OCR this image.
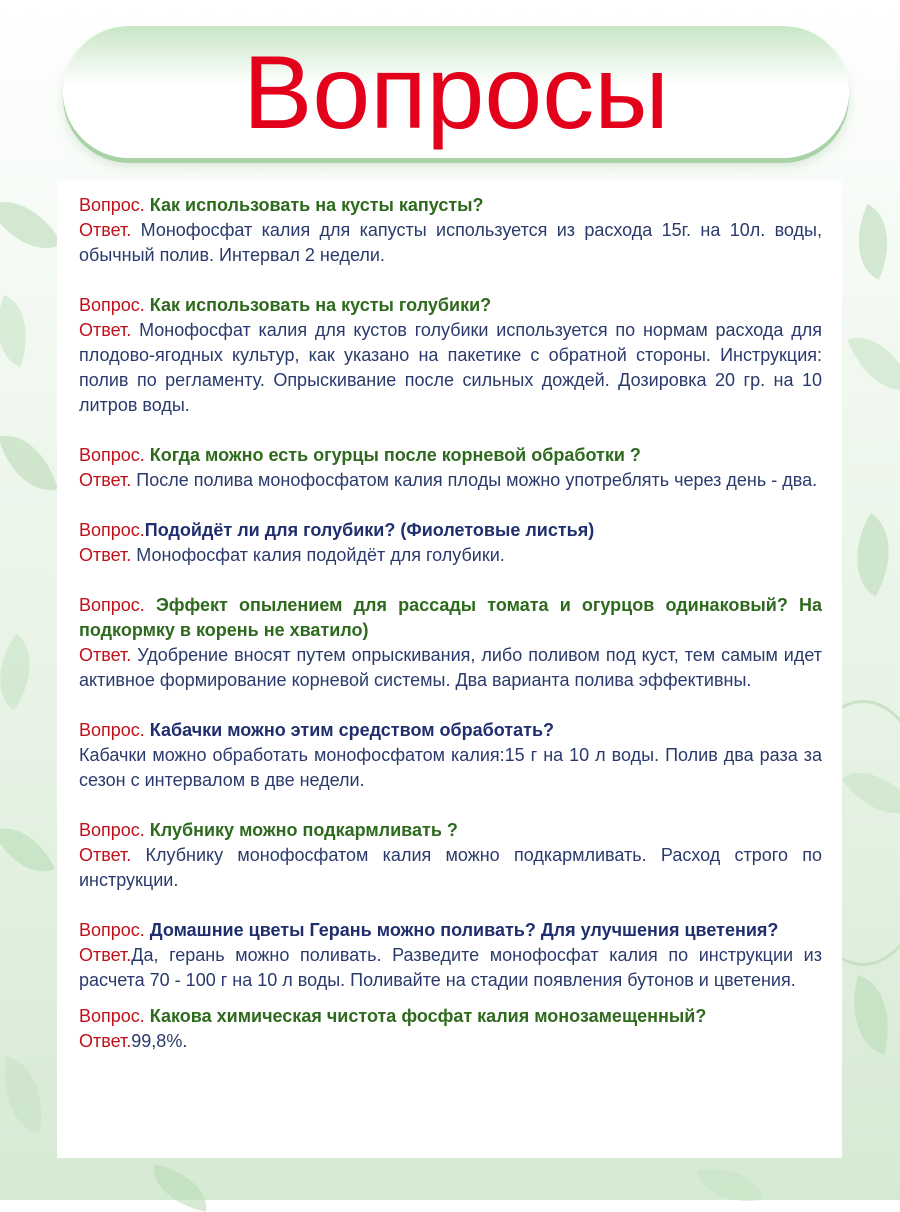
Вопросы
Вопрос. Как использовать на кусты капусты?
Ответ. Монофосфат калия для капусты используется из расхода 15г. на 10л. воды, обычный полив. Интервал 2 недели.
Вопрос. Как использовать на кусты голубики?
Ответ. Монофосфат калия для кустов голубики используется по нормам расхода для плодово-ягодных культур, как указано на пакетике с обратной стороны. Инструкция: полив по регламенту. Опрыскивание после сильных дождей. Дозировка 20 гр. на 10 литров воды.
Вопрос. Когда можно есть огурцы после корневой обработки ?
Ответ. После полива монофосфатом калия плоды можно употреблять через день - два.
Вопрос.Подойдёт ли для голубики? (Фиолетовые листья)
Ответ. Монофосфат калия подойдёт для голубики.
Вопрос. Эффект опылением для рассады томата и огурцов одинаковый? На подкормку в корень не хватило)
Ответ. Удобрение вносят путем опрыскивания, либо поливом под куст, тем самым идет активное формирование корневой системы. Два варианта полива эффективны.
Вопрос. Кабачки можно этим средством обработать?
Кабачки можно обработать монофосфатом калия:15 г на 10 л воды. Полив два раза за сезон с интервалом в две недели.
Вопрос. Клубнику можно подкармливать ?
Ответ. Клубнику монофосфатом калия можно подкармливать. Расход строго по инструкции.
Вопрос. Домашние цветы Герань можно поливать? Для улучшения цветения?
Ответ.Да, герань можно поливать. Разведите монофосфат калия по инструкции из расчета 70 - 100 г на 10 л воды. Поливайте на стадии появления бутонов и цветения.
Вопрос. Какова химическая чистота фосфат калия монозамещенный?
Ответ.99,8%.
